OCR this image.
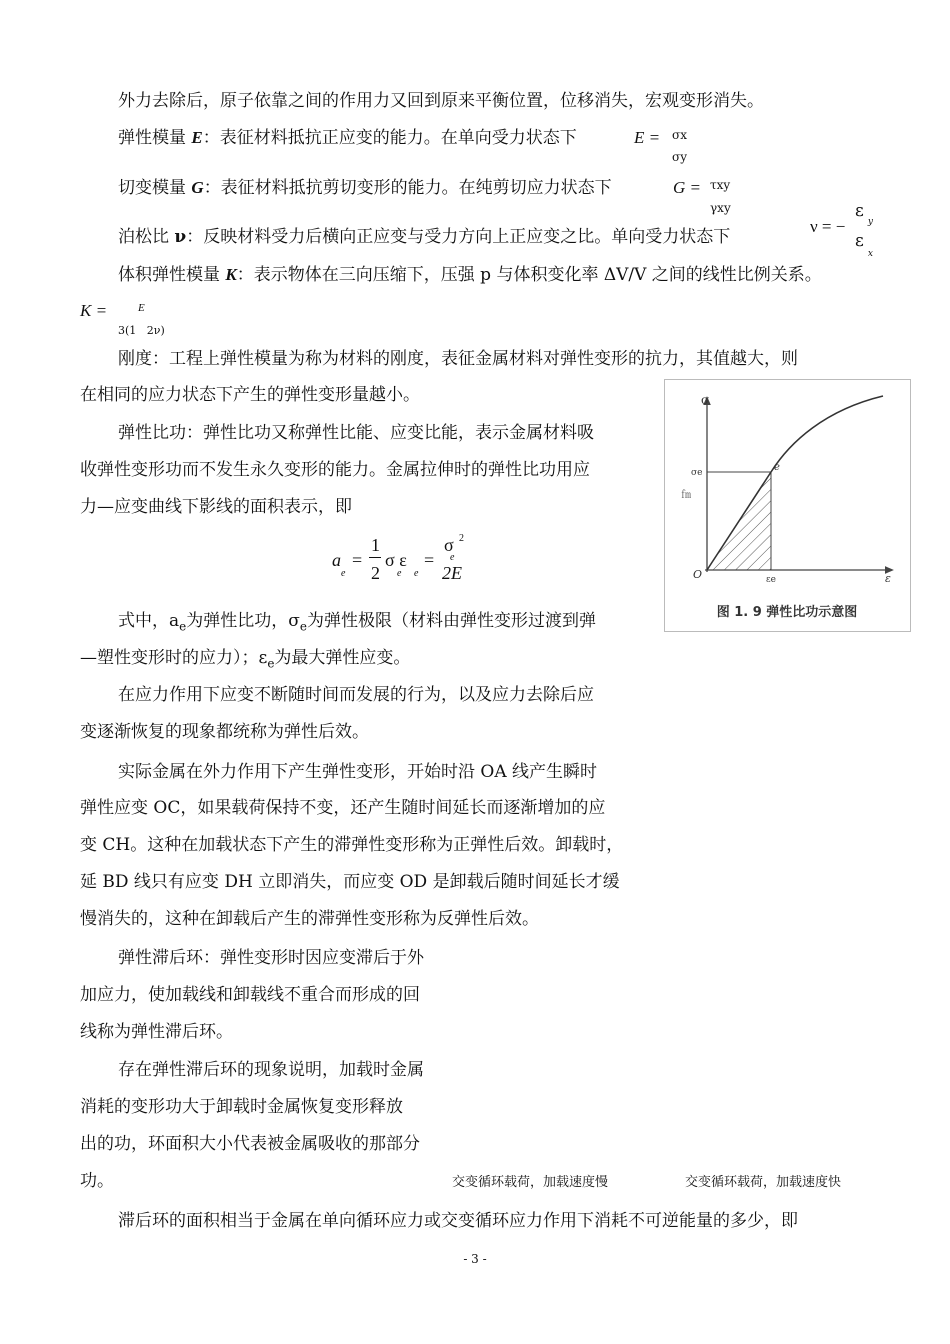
外力去除后，原子依靠之间的作用力又回到原来平衡位置，位移消失，宏观变形消失。
弹性模量 E：表征材料抵抗正应变的能力。在单向受力状态下	E = σx
σy
切变模量 G：表征材料抵抗剪切变形的能力。在纯剪切应力状态下	G = τxy
γxy
泊松比 ν：反映材料受力后横向正应变与受力方向上正应变之比。单向受力状态下
ν = −
$\varepsilon_y$
$\varepsilon_x$
体积弹性模量 K：表示物体在三向压缩下，压强 p 与体积变化率 ΔV/V 之间的线性比例关系。
K =	E
3(1   2ν)
刚度：工程上弹性模量为称为材料的刚度，表征金属材料对弹性变形的抗力，其值越大，则
在相同的应力状态下产生的弹性变形量越小。
弹性比功：弹性比功又称弹性比能、应变比能，表示金属材料吸
收弹性变形功而不发生永久变形的能力。金属拉伸时的弹性比功用应
力—应变曲线下影线的面积表示，即
a
e
=
1
2
σ ε
e e
=
σ 2
e
2E
式中，$a_e$为弹性比功，$\sigma_e$为弹性极限（材料由弹性变形过渡到弹
—塑性变形时的应力）；$\varepsilon_e$为最大弹性应变。
在应力作用下应变不断随时间而发展的行为，以及应力去除后应
变逐渐恢复的现象都统称为弹性后效。
实际金属在外力作用下产生弹性变形，开始时沿 OA 线产生瞬时
弹性应变 OC，如果载荷保持不变，还产生随时间延长而逐渐增加的应
变 CH。这种在加载状态下产生的滞弹性变形称为正弹性后效。卸载时，
延 BD 线只有应变 DH 立即消失，而应变 OD 是卸载后随时间延长才缓
慢消失的，这种在卸载后产生的滞弹性变形称为反弹性后效。
弹性滞后环：弹性变形时因应变滞后于外
加应力，使加载线和卸载线不重合而形成的回
线称为弹性滞后环。
存在弹性滞后环的现象说明，加载时金属
消耗的变形功大于卸载时金属恢复变形释放
出的功，环面积大小代表被金属吸收的那部分
功。	交变循环载荷，加载速度慢	交变循环载荷，加载速度快
滞后环的面积相当于金属在单向循环应力或交变循环应力作用下消耗不可逆能量的多少，即
σ
σe	e
O	εe	ε
㎙
图 1. 9 弹性比功示意图
- 3 -
